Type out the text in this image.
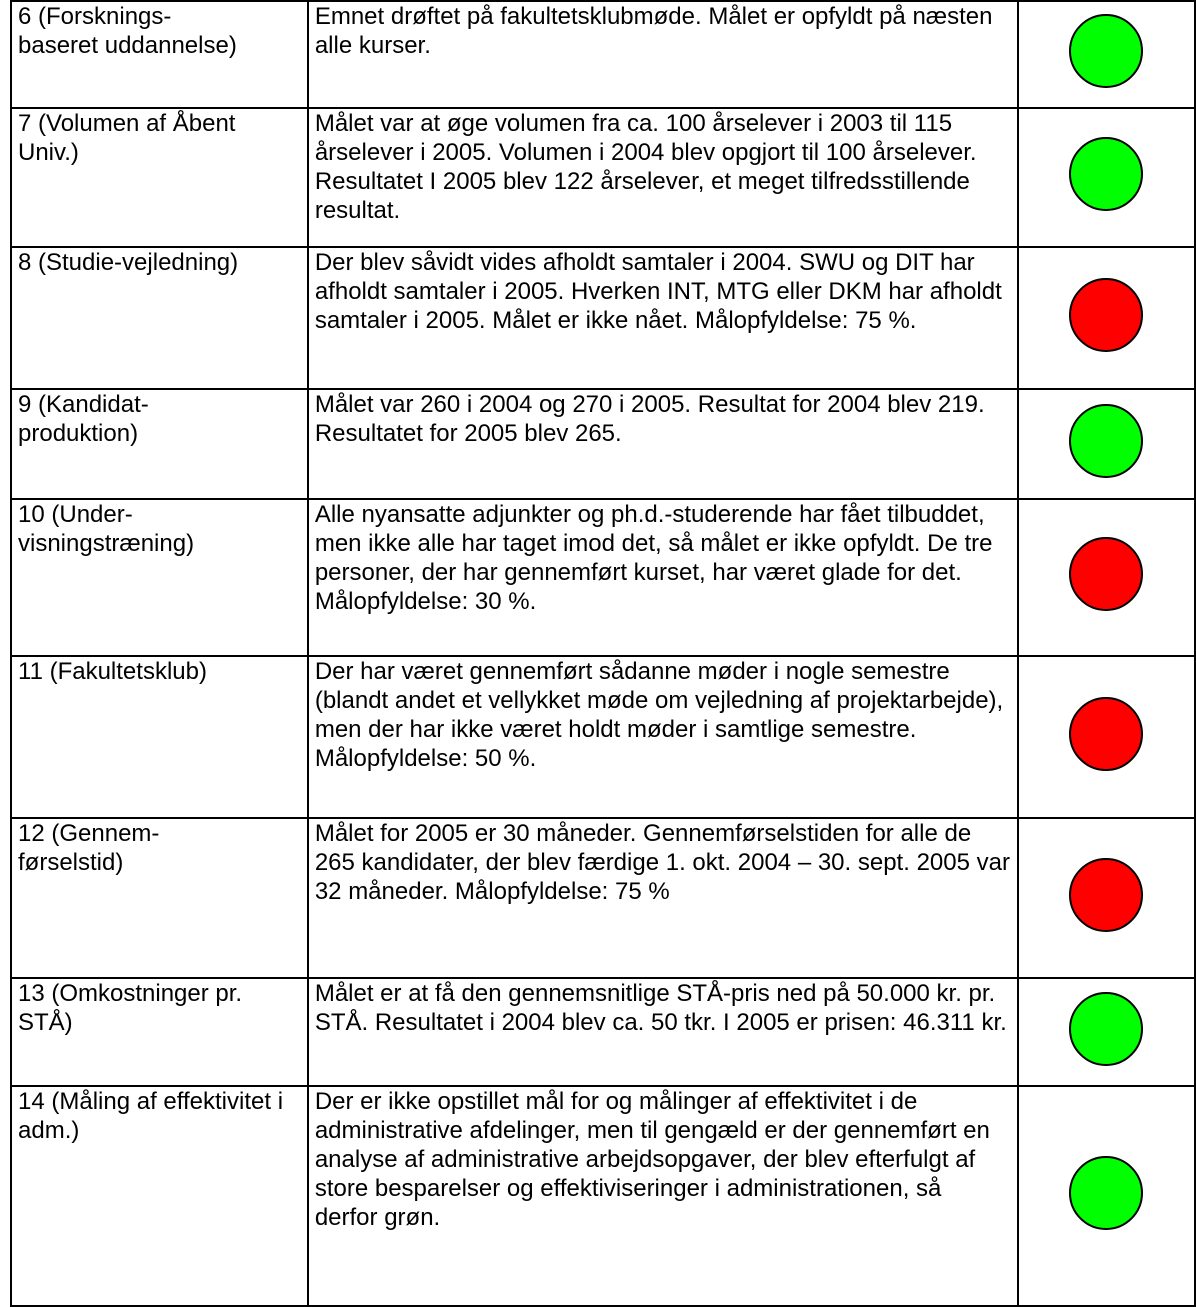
6 (Forsknings-
baseret uddannelse)	Emnet drøftet på fakultetsklubmøde. Målet er opfyldt på næsten alle kurser.	
7 (Volumen af Åbent Univ.)	Målet var at øge volumen fra ca. 100 årselever i 2003 til 115 årselever i 2005. Volumen i 2004 blev opgjort til 100 årselever. Resultatet I 2005 blev 122 årselever, et meget tilfredsstillende resultat.	
8 (Studie-vejledning)	Der blev såvidt vides afholdt samtaler i 2004. SWU og DIT har afholdt samtaler i 2005. Hverken INT, MTG eller DKM har afholdt samtaler i 2005. Målet er ikke nået. Målopfyldelse: 75 %.	
9 (Kandidat-
produktion)	Målet var 260 i 2004 og 270 i 2005. Resultat for 2004 blev 219. Resultatet for 2005 blev 265.	
10 (Under-
visningstræning)	Alle nyansatte adjunkter og ph.d.-studerende har fået tilbuddet, men ikke alle har taget imod det, så målet er ikke opfyldt. De tre personer, der har gennemført kurset, har været glade for det. Målopfyldelse: 30 %.	
11 (Fakultetsklub)	Der har været gennemført sådanne møder i nogle semestre (blandt andet et vellykket møde om vejledning af projektarbejde), men der har ikke været holdt møder i samtlige semestre. Målopfyldelse: 50 %.	
12 (Gennem-
førselstid)	Målet for 2005 er 30 måneder. Gennemførselstiden for alle de 265 kandidater, der blev færdige 1. okt. 2004 – 30. sept. 2005 var 32 måneder. Målopfyldelse: 75 %	
13 (Omkostninger pr. STÅ)	Målet er at få den gennemsnitlige STÅ-pris ned på 50.000 kr. pr. STÅ. Resultatet i 2004 blev ca. 50 tkr. I 2005 er prisen: 46.311 kr.	
14 (Måling af effektivitet i adm.)	Der er ikke opstillet mål for og målinger af effektivitet i de administrative afdelinger, men til gengæld er der gennemført en analyse af administrative arbejdsopgaver, der blev efterfulgt af store besparelser og effektiviseringer i administrationen, så derfor grøn.	
